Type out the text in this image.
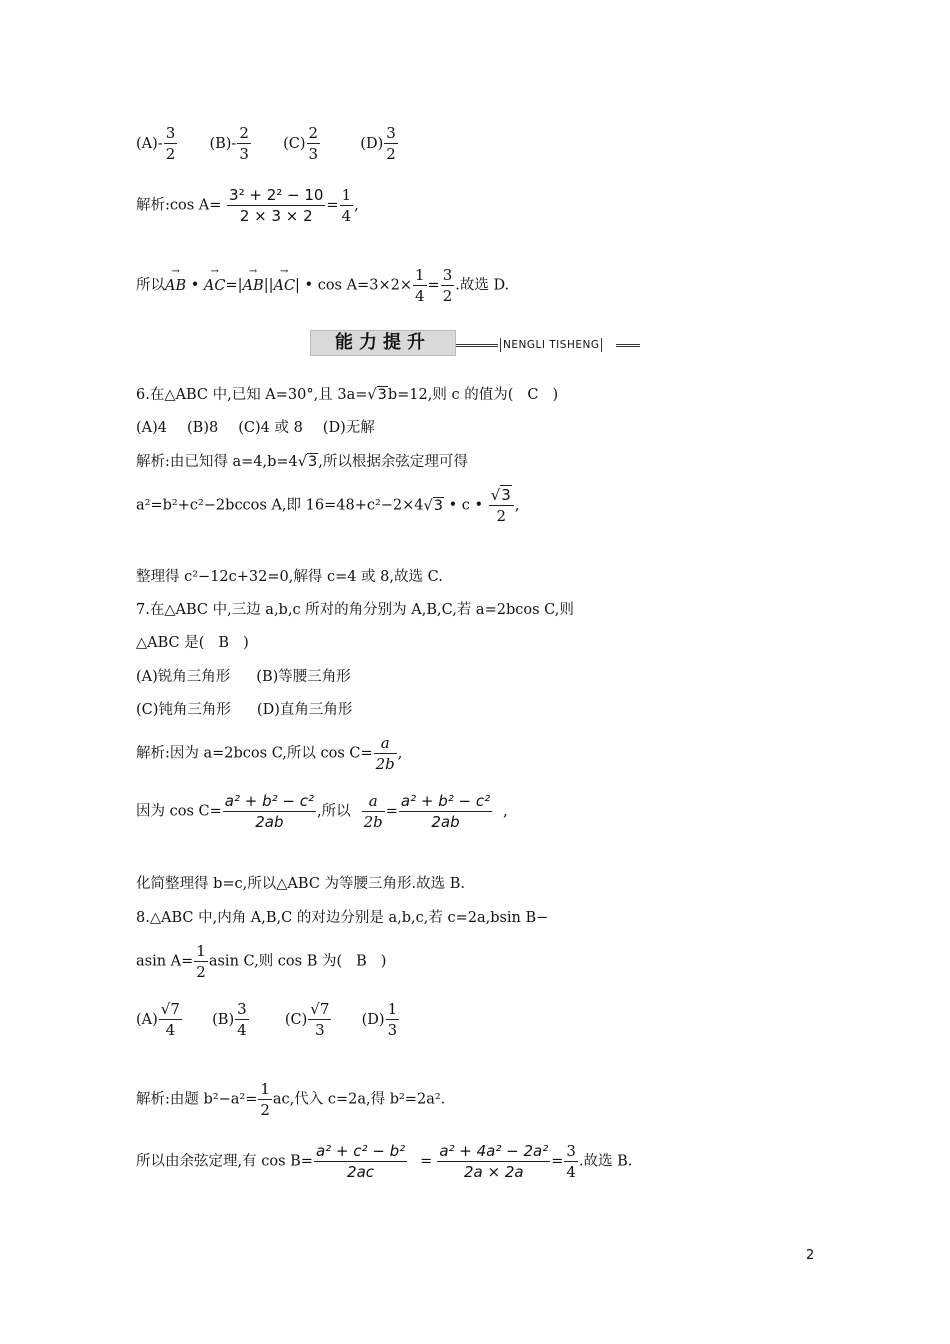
$(A)- \frac{3}{2} (B)- \frac{2}{3} (C) \frac{2}{3}$	$(D) \frac{3}{2}$
解析:cos $A= \frac{\text{3² + 2² − 10}}{2 \times 3 \times 2} = \frac{1}{4}$ ,
所以→ AB • → AC=|→ AB||→ AC| • $\cos A=3\times 2\times \frac{1}{4} = \frac{3}{2}$ .故选 D.
能力提升	NENGLI TISHENG
6.在△ABC 中,已知 A=30°,且 3a=√3b=12,则 c 的值为( C )
(A)4 (B)8 (C)4 或 8 (D)无解
解析:由已知得 a=4,b=4√3,所以根据余弦定理可得
a²=b²+c²−2bccos A,即 16=48+c²−2×4√3 • c • $\frac{√3}{2}$ ,
整理得 c²−12c+32=0,解得 c=4 或 8,故选 C.
7.在△ABC 中,三边 a,b,c 所对的角分别为 A,B,C,若 a=2bcos C,则
△ABC 是( B )
(A)锐角三角形 (B)等腰三角形
(C)钝角三角形 (D)直角三角形
解析:因为 a=2bcos C,所以 $\cos C= \frac{a}{2b}$ ,
因为 $\cos C= \frac{\text{a² + b² − c²}}{2ab}$ ,所以 $\frac{a}{2b} = \frac{\text{a² + b² − c²}}{2ab}$ ,
化简整理得 b=c,所以△ABC 为等腰三角形.故选 B.
8.△ABC 中,内角 A,B,C 的对边分别是 a,b,c,若 c=2a,bsin B−
asin $A= \frac{1}{2}$ asin C,则 cos B 为( B )
$(A) \frac{√7}{4} (B) \frac{3}{4} (C) \frac{√7}{3} (D) \frac{1}{3}$
解析:由题 $b^2-a^2= \frac{1}{2}$ ac,代入 c=2a,得 b²=2a².
所以由余弦定理,有 $\cos B= \frac{\text{a² + c² − b²}}{2ac} = \frac{\text{a² + 4a² − 2a²}}{2a \times 2a} = \frac{3}{4}$ .故选 B.
2
